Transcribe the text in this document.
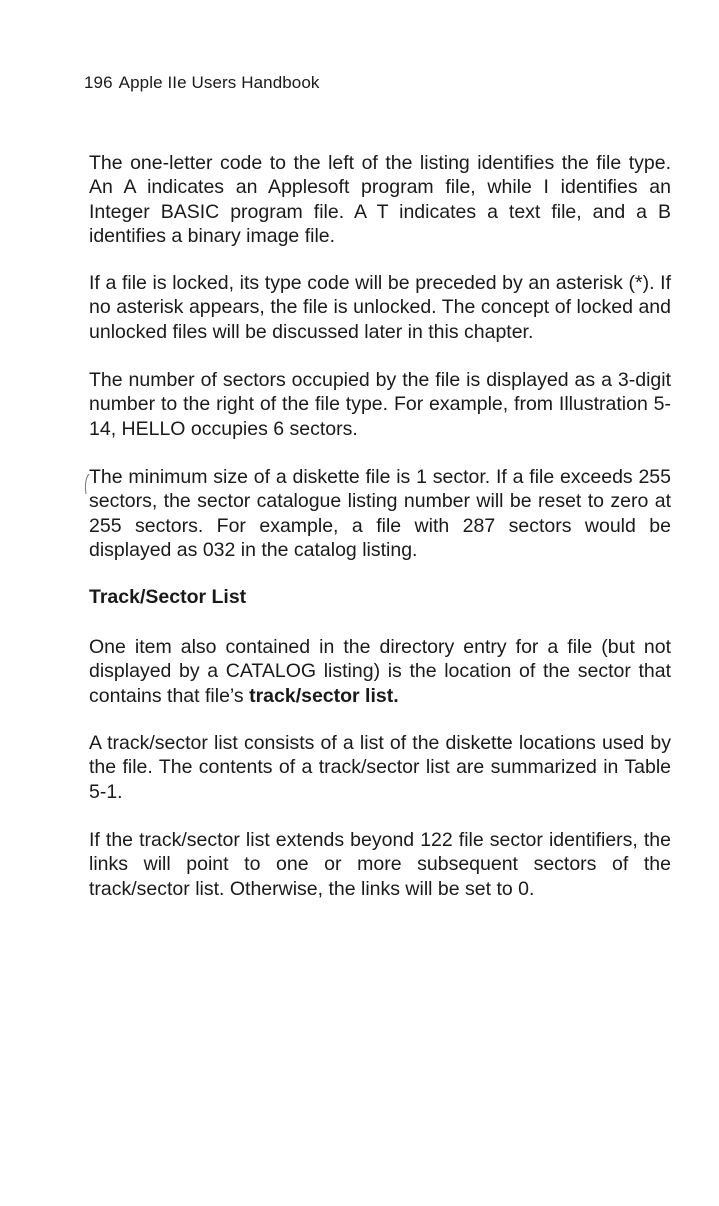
196 Apple IIe Users Handbook

The one-letter code to the left of the listing identifies the file type. An A indicates an Applesoft program file, while I identifies an Integer BASIC program file. A T indicates a text file, and a B identifies a binary image file.

If a file is locked, its type code will be preceded by an asterisk (*). If no asterisk appears, the file is unlocked. The concept of locked and unlocked files will be discussed later in this chapter.

The number of sectors occupied by the file is displayed as a 3-digit number to the right of the file type. For example, from Illustration 5-14, HELLO occupies 6 sectors.

The minimum size of a diskette file is 1 sector. If a file exceeds 255 sectors, the sector catalogue listing number will be reset to zero at 255 sectors. For example, a file with 287 sectors would be displayed as 032 in the catalog listing.

Track/Sector List

One item also contained in the directory entry for a file (but not displayed by a CATALOG listing) is the location of the sector that contains that file’s track/sector list.

A track/sector list consists of a list of the diskette locations used by the file. The contents of a track/sector list are summarized in Table 5-1.

If the track/sector list extends beyond 122 file sector identifiers, the links will point to one or more subsequent sectors of the track/sector list. Otherwise, the links will be set to 0.
